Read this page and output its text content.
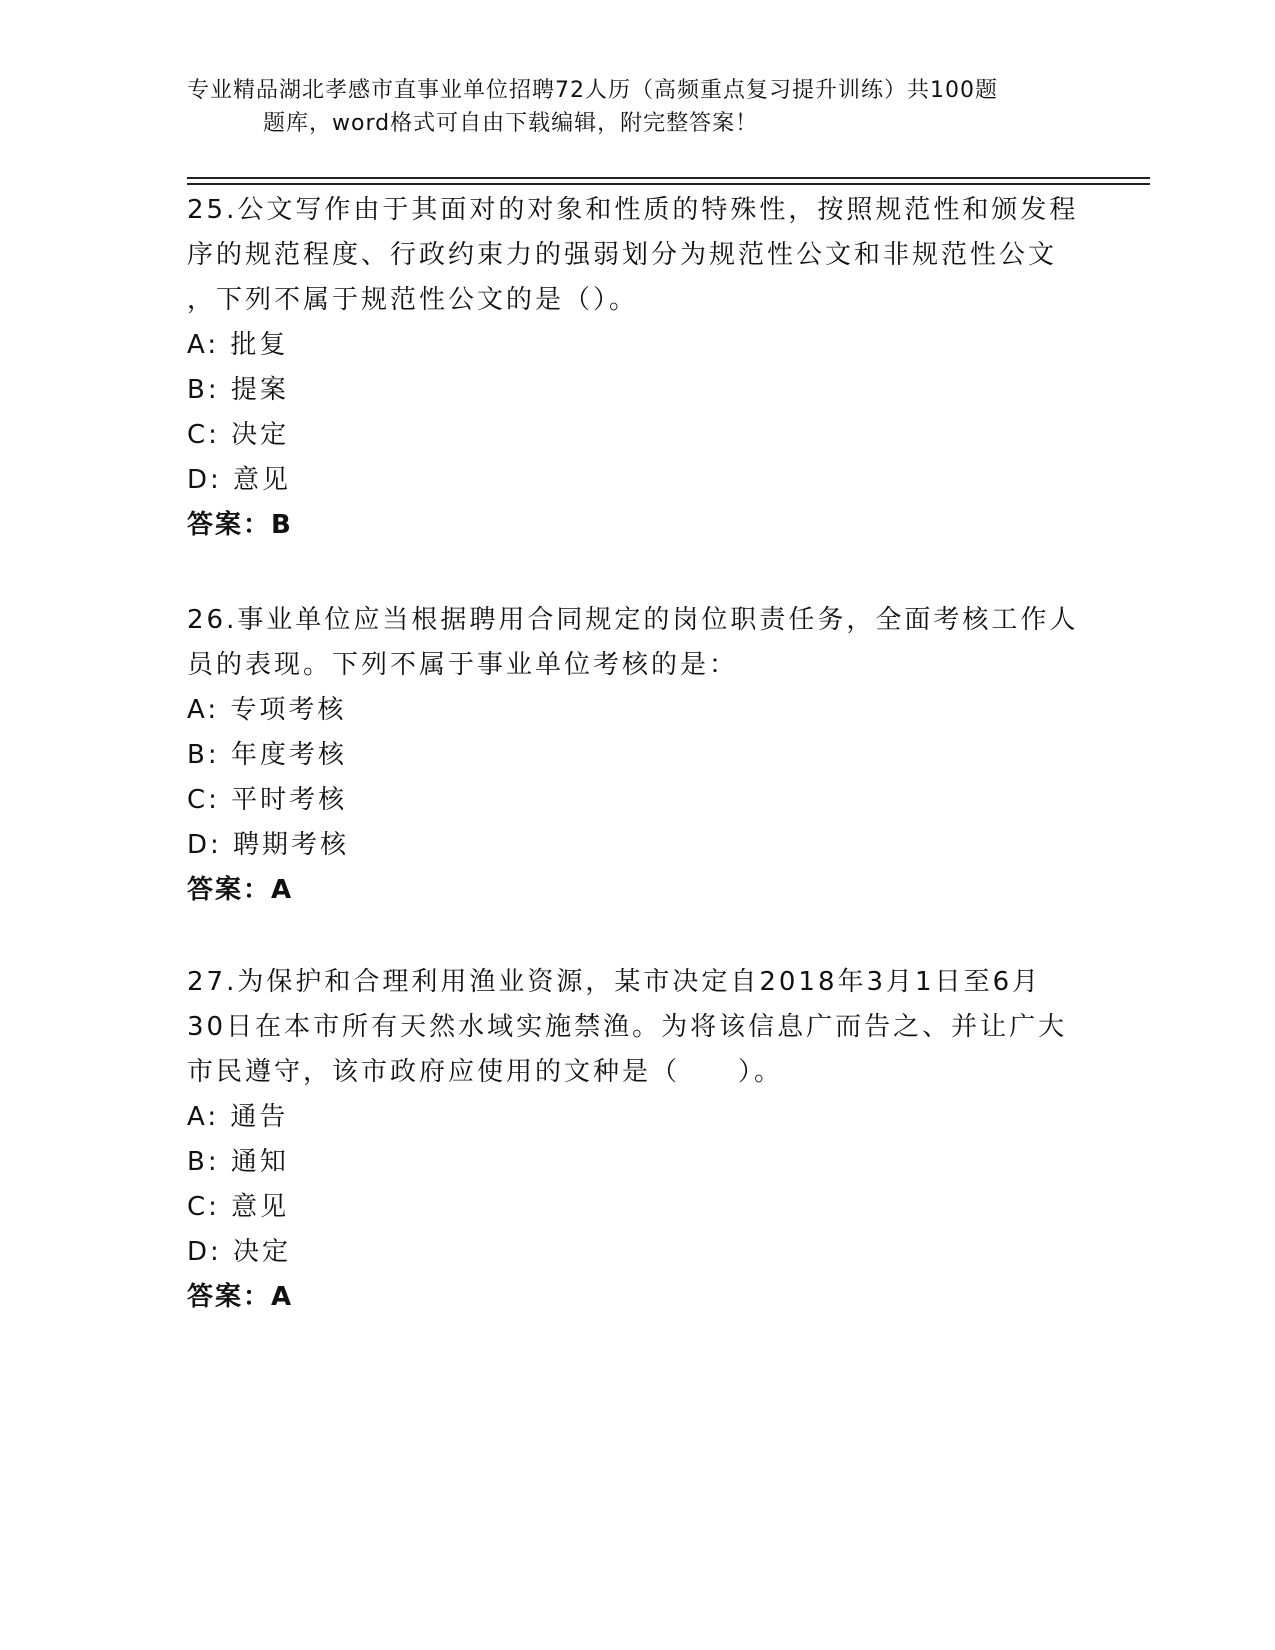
专业精品湖北孝感市直事业单位招聘72人历（高频重点复习提升训练）共100题
题库，word格式可自由下载编辑，附完整答案！

25.公文写作由于其面对的对象和性质的特殊性，按照规范性和颁发程

序的规范程度、行政约束力的强弱划分为规范性公文和非规范性公文

，下列不属于规范性公文的是（）。

A: 批复

B: 提案

C: 决定

D: 意见

答案：B

26.事业单位应当根据聘用合同规定的岗位职责任务，全面考核工作人

员的表现。下列不属于事业单位考核的是：

A: 专项考核

B: 年度考核

C: 平时考核

D: 聘期考核

答案：A

27.为保护和合理利用渔业资源，某市决定自2018年3月1日至6月

30日在本市所有天然水域实施禁渔。为将该信息广而告之、并让广大

市民遵守，该市政府应使用的文种是（　　）。

A: 通告

B: 通知

C: 意见

D: 决定

答案：A
